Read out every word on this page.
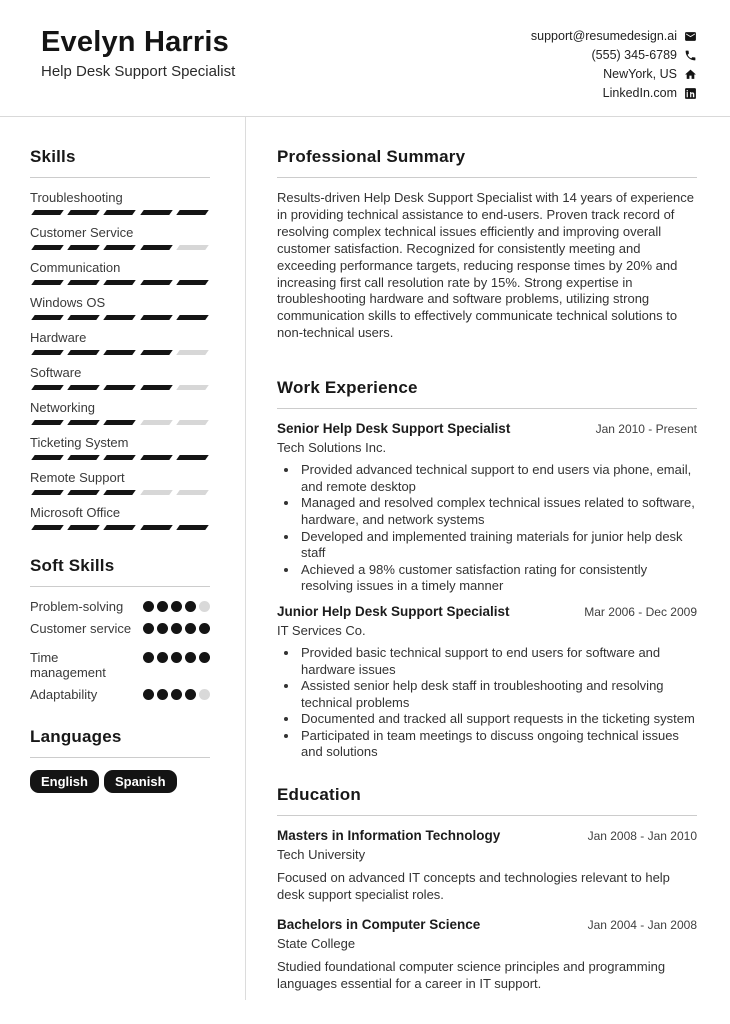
Evelyn Harris
Help Desk Support Specialist
support@resumedesign.ai
(555) 345-6789
NewYork, US
LinkedIn.com
Skills
Troubleshooting
Customer Service
Communication
Windows OS
Hardware
Software
Networking
Ticketing System
Remote Support
Microsoft Office
Soft Skills
Problem-solving
Customer service
Time management
Adaptability
Languages
English	Spanish
Professional Summary

Results-driven Help Desk Support Specialist with 14 years of experience in providing technical assistance to end-users. Proven track record of resolving complex technical issues efficiently and improving overall customer satisfaction. Recognized for consistently meeting and exceeding performance targets, reducing response times by 20% and increasing first call resolution rate by 15%. Strong expertise in troubleshooting hardware and software problems, utilizing strong communication skills to effectively communicate technical solutions to non-technical users.

Work Experience
Senior Help Desk Support Specialist	Jan 2010 - Present
Tech Solutions Inc.
• Provided advanced technical support to end users via phone, email, and remote desktop
• Managed and resolved complex technical issues related to software, hardware, and network systems
• Developed and implemented training materials for junior help desk staff
• Achieved a 98% customer satisfaction rating for consistently resolving issues in a timely manner
Junior Help Desk Support Specialist	Mar 2006 - Dec 2009
IT Services Co.
• Provided basic technical support to end users for software and hardware issues
• Assisted senior help desk staff in troubleshooting and resolving technical problems
• Documented and tracked all support requests in the ticketing system
• Participated in team meetings to discuss ongoing technical issues and solutions
Education
Masters in Information Technology	Jan 2008 - Jan 2010
Tech University

Focused on advanced IT concepts and technologies relevant to help desk support specialist roles.

Bachelors in Computer Science	Jan 2004 - Jan 2008
State College

Studied foundational computer science principles and programming languages essential for a career in IT support.
